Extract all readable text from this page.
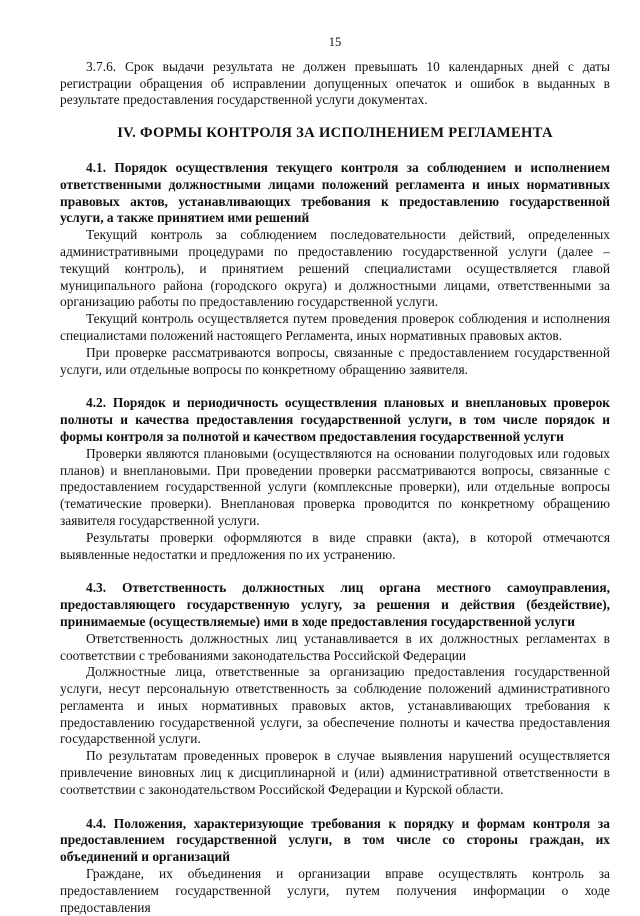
15

3.7.6. Срок выдачи результата не должен превышать 10 календарных дней с даты регистрации обращения об исправлении допущенных опечаток и ошибок в выданных в результате предоставления государственной услуги документах.

IV. ФОРМЫ КОНТРОЛЯ ЗА ИСПОЛНЕНИЕМ РЕГЛАМЕНТА

4.1. Порядок осуществления текущего контроля за соблюдением и исполнением ответственными должностными лицами положений регламента и иных нормативных правовых актов, устанавливающих требования к предоставлению государственной услуги, а также принятием ими решений

Текущий контроль за соблюдением последовательности действий, определенных административными процедурами по предоставлению государственной услуги (далее – текущий контроль), и принятием решений специалистами осуществляется главой муниципального района (городского округа) и должностными лицами, ответственными за организацию работы по предоставлению государственной услуги.

Текущий контроль осуществляется путем проведения проверок соблюдения и исполнения специалистами положений настоящего Регламента, иных нормативных правовых актов.

При проверке рассматриваются вопросы, связанные с предоставлением государственной услуги, или отдельные вопросы по конкретному обращению заявителя.

4.2. Порядок и периодичность осуществления плановых и внеплановых проверок полноты и качества предоставления государственной услуги, в том числе порядок и формы контроля за полнотой и качеством предоставления государственной услуги

Проверки являются плановыми (осуществляются на основании полугодовых или годовых планов) и внеплановыми. При проведении проверки рассматриваются вопросы, связанные с предоставлением государственной услуги (комплексные проверки), или отдельные вопросы (тематические проверки). Внеплановая проверка проводится по конкретному обращению заявителя государственной услуги.

Результаты проверки оформляются в виде справки (акта), в которой отмечаются выявленные недостатки и предложения по их устранению.

4.3. Ответственность должностных лиц органа местного самоуправления, предоставляющего государственную услугу, за решения и действия (бездействие), принимаемые (осуществляемые) ими в ходе предоставления государственной услуги

Ответственность должностных лиц устанавливается в их должностных регламентах в соответствии с требованиями законодательства Российской Федерации

Должностные лица, ответственные за организацию предоставления государственной услуги, несут персональную ответственность за соблюдение положений административного регламента и иных нормативных правовых актов, устанавливающих требования к предоставлению государственной услуги, за обеспечение полноты и качества предоставления государственной услуги.

По результатам проведенных проверок в случае выявления нарушений осуществляется привлечение виновных лиц к дисциплинарной и (или) административной ответственности в соответствии с законодательством Российской Федерации и Курской области.

4.4. Положения, характеризующие требования к порядку и формам контроля за предоставлением государственной услуги, в том числе со стороны граждан, их объединений и организаций

Граждане, их объединения и организации вправе осуществлять контроль за предоставлением государственной услуги, путем получения информации о ходе предоставления
